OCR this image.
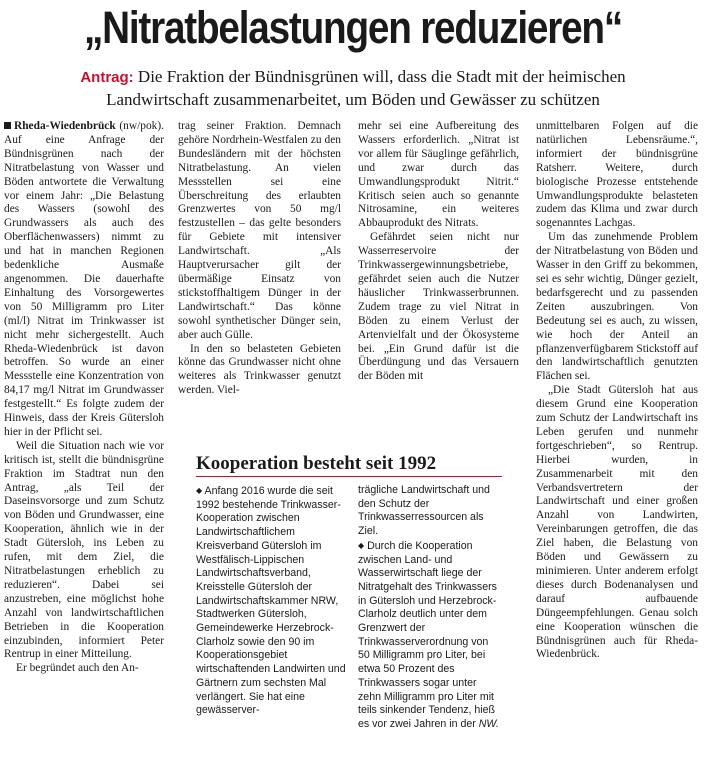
„Nitratbelastungen reduzieren“
Antrag: Die Fraktion der Bündnisgrünen will, dass die Stadt mit der heimischen
Landwirtschaft zusammenarbeitet, um Böden und Gewässer zu schützen

Rheda-Wiedenbrück (nw/pok). Auf eine Anfrage der Bündnisgrünen nach der Nitratbelastung von Wasser und Böden antwortete die Verwaltung vor einem Jahr: „Die Belastung des Wassers (sowohl des Grundwassers als auch des Oberflächenwassers) nimmt zu und hat in manchen Regionen bedenkliche Ausmaße angenommen. Die dauerhafte Einhaltung des Vorsorgewertes von 50 Milligramm pro Liter (ml/l) Nitrat im Trinkwasser ist nicht mehr sichergestellt. Auch Rheda-Wiedenbrück ist davon betroffen. So wurde an einer Messstelle eine Konzentration von 84,17 mg/l Nitrat im Grundwasser festgestellt.“ Es folgte zudem der Hinweis, dass der Kreis Gütersloh hier in der Pflicht sei.

Weil die Situation nach wie vor kritisch ist, stellt die bündnisgrüne Fraktion im Stadtrat nun den Antrag, „als Teil der Daseinsvorsorge und zum Schutz von Böden und Grundwasser, eine Kooperation, ähnlich wie in der Stadt Gütersloh, ins Leben zu rufen, mit dem Ziel, die Nitratbelastungen erheblich zu reduzieren“. Dabei sei anzustreben, eine möglichst hohe Anzahl von landwirtschaftlichen Betrieben in die Kooperation einzubinden, informiert Peter Rentrup in einer Mitteilung.

Er begründet auch den An-

trag seiner Fraktion. Demnach gehöre Nordrhein-Westfalen zu den Bundesländern mit der höchsten Nitratbelastung. An vielen Messstellen sei eine Überschreitung des erlaubten Grenzwertes von 50 mg/l festzustellen – das gelte besonders für Gebiete mit intensiver Landwirtschaft. „Als Hauptverursacher gilt der übermäßige Einsatz von stickstoffhaltigem Dünger in der Landwirtschaft.“ Das könne sowohl synthetischer Dünger sein, aber auch Gülle.

In den so belasteten Gebieten könne das Grundwasser nicht ohne weiteres als Trinkwasser genutzt werden. Viel-

mehr sei eine Aufbereitung des Wassers erforderlich. „Nitrat ist vor allem für Säuglinge gefährlich, und zwar durch das Umwandlungsprodukt Nitrit.“ Kritisch seien auch so genannte Nitrosamine, ein weiteres Abbauprodukt des Nitrats.

Gefährdet seien nicht nur Wasserreservoire der Trinkwassergewinnungsbetriebe, gefährdet seien auch die Nutzer häuslicher Trinkwasserbrunnen. Zudem trage zu viel Nitrat in Böden zu einem Verlust der Artenvielfalt und der Ökosysteme bei. „Ein Grund dafür ist die Überdüngung und das Versauern der Böden mit

unmittelbaren Folgen auf die natürlichen Lebensräume.“, informiert der bündnisgrüne Ratsherr. Weitere, durch biologische Prozesse entstehende Umwandlungsprodukte belasteten zudem das Klima und zwar durch sogenanntes Lachgas.

Um das zunehmende Problem der Nitratbelastung von Böden und Wasser in den Griff zu bekommen, sei es sehr wichtig, Dünger gezielt, bedarfsgerecht und zu passenden Zeiten auszubringen. Von Bedeutung sei es auch, zu wissen, wie hoch der Anteil an pflanzenverfügbarem Stickstoff auf den landwirtschaftlich genutzten Flächen sei.

„Die Stadt Gütersloh hat aus diesem Grund eine Kooperation zum Schutz der Landwirtschaft ins Leben gerufen und nunmehr fortgeschrieben“, so Rentrup. Hierbei wurden, in Zusammenarbeit mit den Verbandsvertretern der Landwirtschaft und einer großen Anzahl von Landwirten, Vereinbarungen getroffen, die das Ziel haben, die Belastung von Böden und Gewässern zu minimieren. Unter anderem erfolgt dieses durch Bodenanalysen und darauf aufbauende Düngeempfehlungen. Genau solch eine Kooperation wünschen die Bündnisgrünen auch für Rheda-Wiedenbrück.

Kooperation besteht seit 1992

◆ Anfang 2016 wurde die seit 1992 bestehende Trinkwasser-Kooperation zwischen Landwirtschaftlichem Kreisverband Gütersloh im Westfälisch-Lippischen Landwirtschaftsverband, Kreisstelle Gütersloh der Landwirtschaftskammer NRW, Stadtwerken Gütersloh, Gemeindewerke Herzebrock-Clarholz sowie den 90 im Kooperationsgebiet wirtschaftenden Landwirten und Gärtnern zum sechsten Mal verlängert. Sie hat eine gewässerver-

trägliche Landwirtschaft und den Schutz der Trinkwasserressourcen als Ziel.

◆ Durch die Kooperation zwischen Land- und Wasserwirtschaft liege der Nitratgehalt des Trinkwassers in Gütersloh und Herzebrock-Clarholz deutlich unter dem Grenzwert der Trinkwasserverordnung von 50 Milligramm pro Liter, bei etwa 50 Prozent des Trinkwassers sogar unter zehn Milligramm pro Liter mit teils sinkender Tendenz, hieß es vor zwei Jahren in der NW.
